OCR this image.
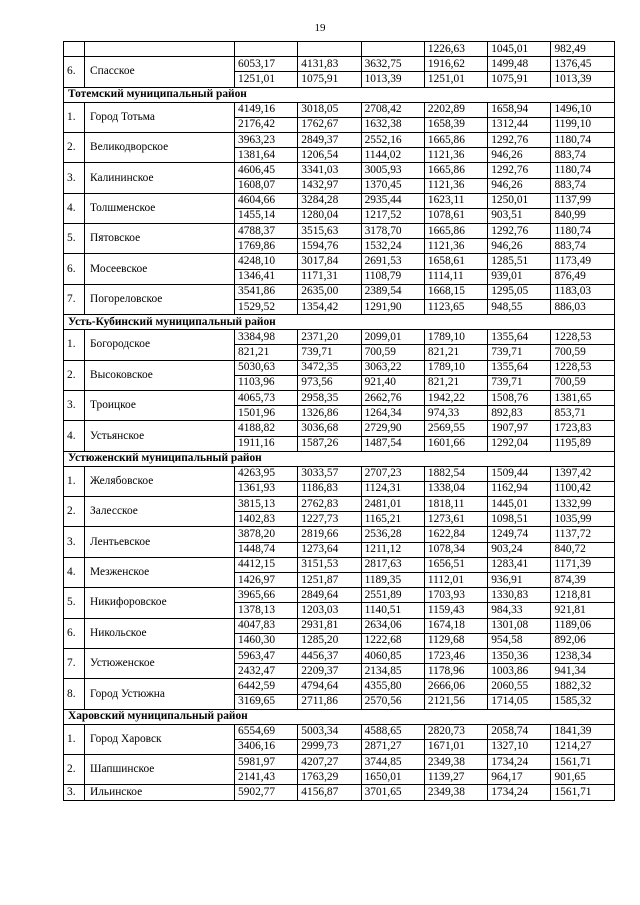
19
					1226,63	1045,01	982,49
6.	Спасское	6053,17	4131,83	3632,75	1916,62	1499,48	1376,45
		1251,01	1075,91	1013,39	1251,01	1075,91	1013,39
Тотемский муниципальный район							
1.	Город Тотьма	4149,16	3018,05	2708,42	2202,89	1658,94	1496,10
		2176,42	1762,67	1632,38	1658,39	1312,44	1199,10
2.	Великодворское	3963,23	2849,37	2552,16	1665,86	1292,76	1180,74
		1381,64	1206,54	1144,02	1121,36	946,26	883,74
3.	Калининское	4606,45	3341,03	3005,93	1665,86	1292,76	1180,74
		1608,07	1432,97	1370,45	1121,36	946,26	883,74
4.	Толшменское	4604,66	3284,28	2935,44	1623,11	1250,01	1137,99
		1455,14	1280,04	1217,52	1078,61	903,51	840,99
5.	Пятовское	4788,37	3515,63	3178,70	1665,86	1292,76	1180,74
		1769,86	1594,76	1532,24	1121,36	946,26	883,74
6.	Мосеевское	4248,10	3017,84	2691,53	1658,61	1285,51	1173,49
		1346,41	1171,31	1108,79	1114,11	939,01	876,49
7.	Погореловское	3541,86	2635,00	2389,54	1668,15	1295,05	1183,03
		1529,52	1354,42	1291,90	1123,65	948,55	886,03
Усть-Кубинский муниципальный район							
1.	Богородское	3384,98	2371,20	2099,01	1789,10	1355,64	1228,53
		821,21	739,71	700,59	821,21	739,71	700,59
2.	Высоковское	5030,63	3472,35	3063,22	1789,10	1355,64	1228,53
		1103,96	973,56	921,40	821,21	739,71	700,59
3.	Троицкое	4065,73	2958,35	2662,76	1942,22	1508,76	1381,65
		1501,96	1326,86	1264,34	974,33	892,83	853,71
4.	Устьянское	4188,82	3036,68	2729,90	2569,55	1907,97	1723,83
		1911,16	1587,26	1487,54	1601,66	1292,04	1195,89
Устюженский муниципальный район							
1.	Желябовское	4263,95	3033,57	2707,23	1882,54	1509,44	1397,42
		1361,93	1186,83	1124,31	1338,04	1162,94	1100,42
2.	Залесское	3815,13	2762,83	2481,01	1818,11	1445,01	1332,99
		1402,83	1227,73	1165,21	1273,61	1098,51	1035,99
3.	Лентьевское	3878,20	2819,66	2536,28	1622,84	1249,74	1137,72
		1448,74	1273,64	1211,12	1078,34	903,24	840,72
4.	Мезженское	4412,15	3151,53	2817,63	1656,51	1283,41	1171,39
		1426,97	1251,87	1189,35	1112,01	936,91	874,39
5.	Никифоровское	3965,66	2849,64	2551,89	1703,93	1330,83	1218,81
		1378,13	1203,03	1140,51	1159,43	984,33	921,81
6.	Никольское	4047,83	2931,81	2634,06	1674,18	1301,08	1189,06
		1460,30	1285,20	1222,68	1129,68	954,58	892,06
7.	Устюженское	5963,47	4456,37	4060,85	1723,46	1350,36	1238,34
		2432,47	2209,37	2134,85	1178,96	1003,86	941,34
8.	Город Устюжна	6442,59	4794,64	4355,80	2666,06	2060,55	1882,32
		3169,65	2711,86	2570,56	2121,56	1714,05	1585,32
Харовский муниципальный район							
1.	Город Харовск	6554,69	5003,34	4588,65	2820,73	2058,74	1841,39
		3406,16	2999,73	2871,27	1671,01	1327,10	1214,27
2.	Шапшинское	5981,97	4207,27	3744,85	2349,38	1734,24	1561,71
		2141,43	1763,29	1650,01	1139,27	964,17	901,65
3.	Ильинское	5902,77	4156,87	3701,65	2349,38	1734,24	1561,71
